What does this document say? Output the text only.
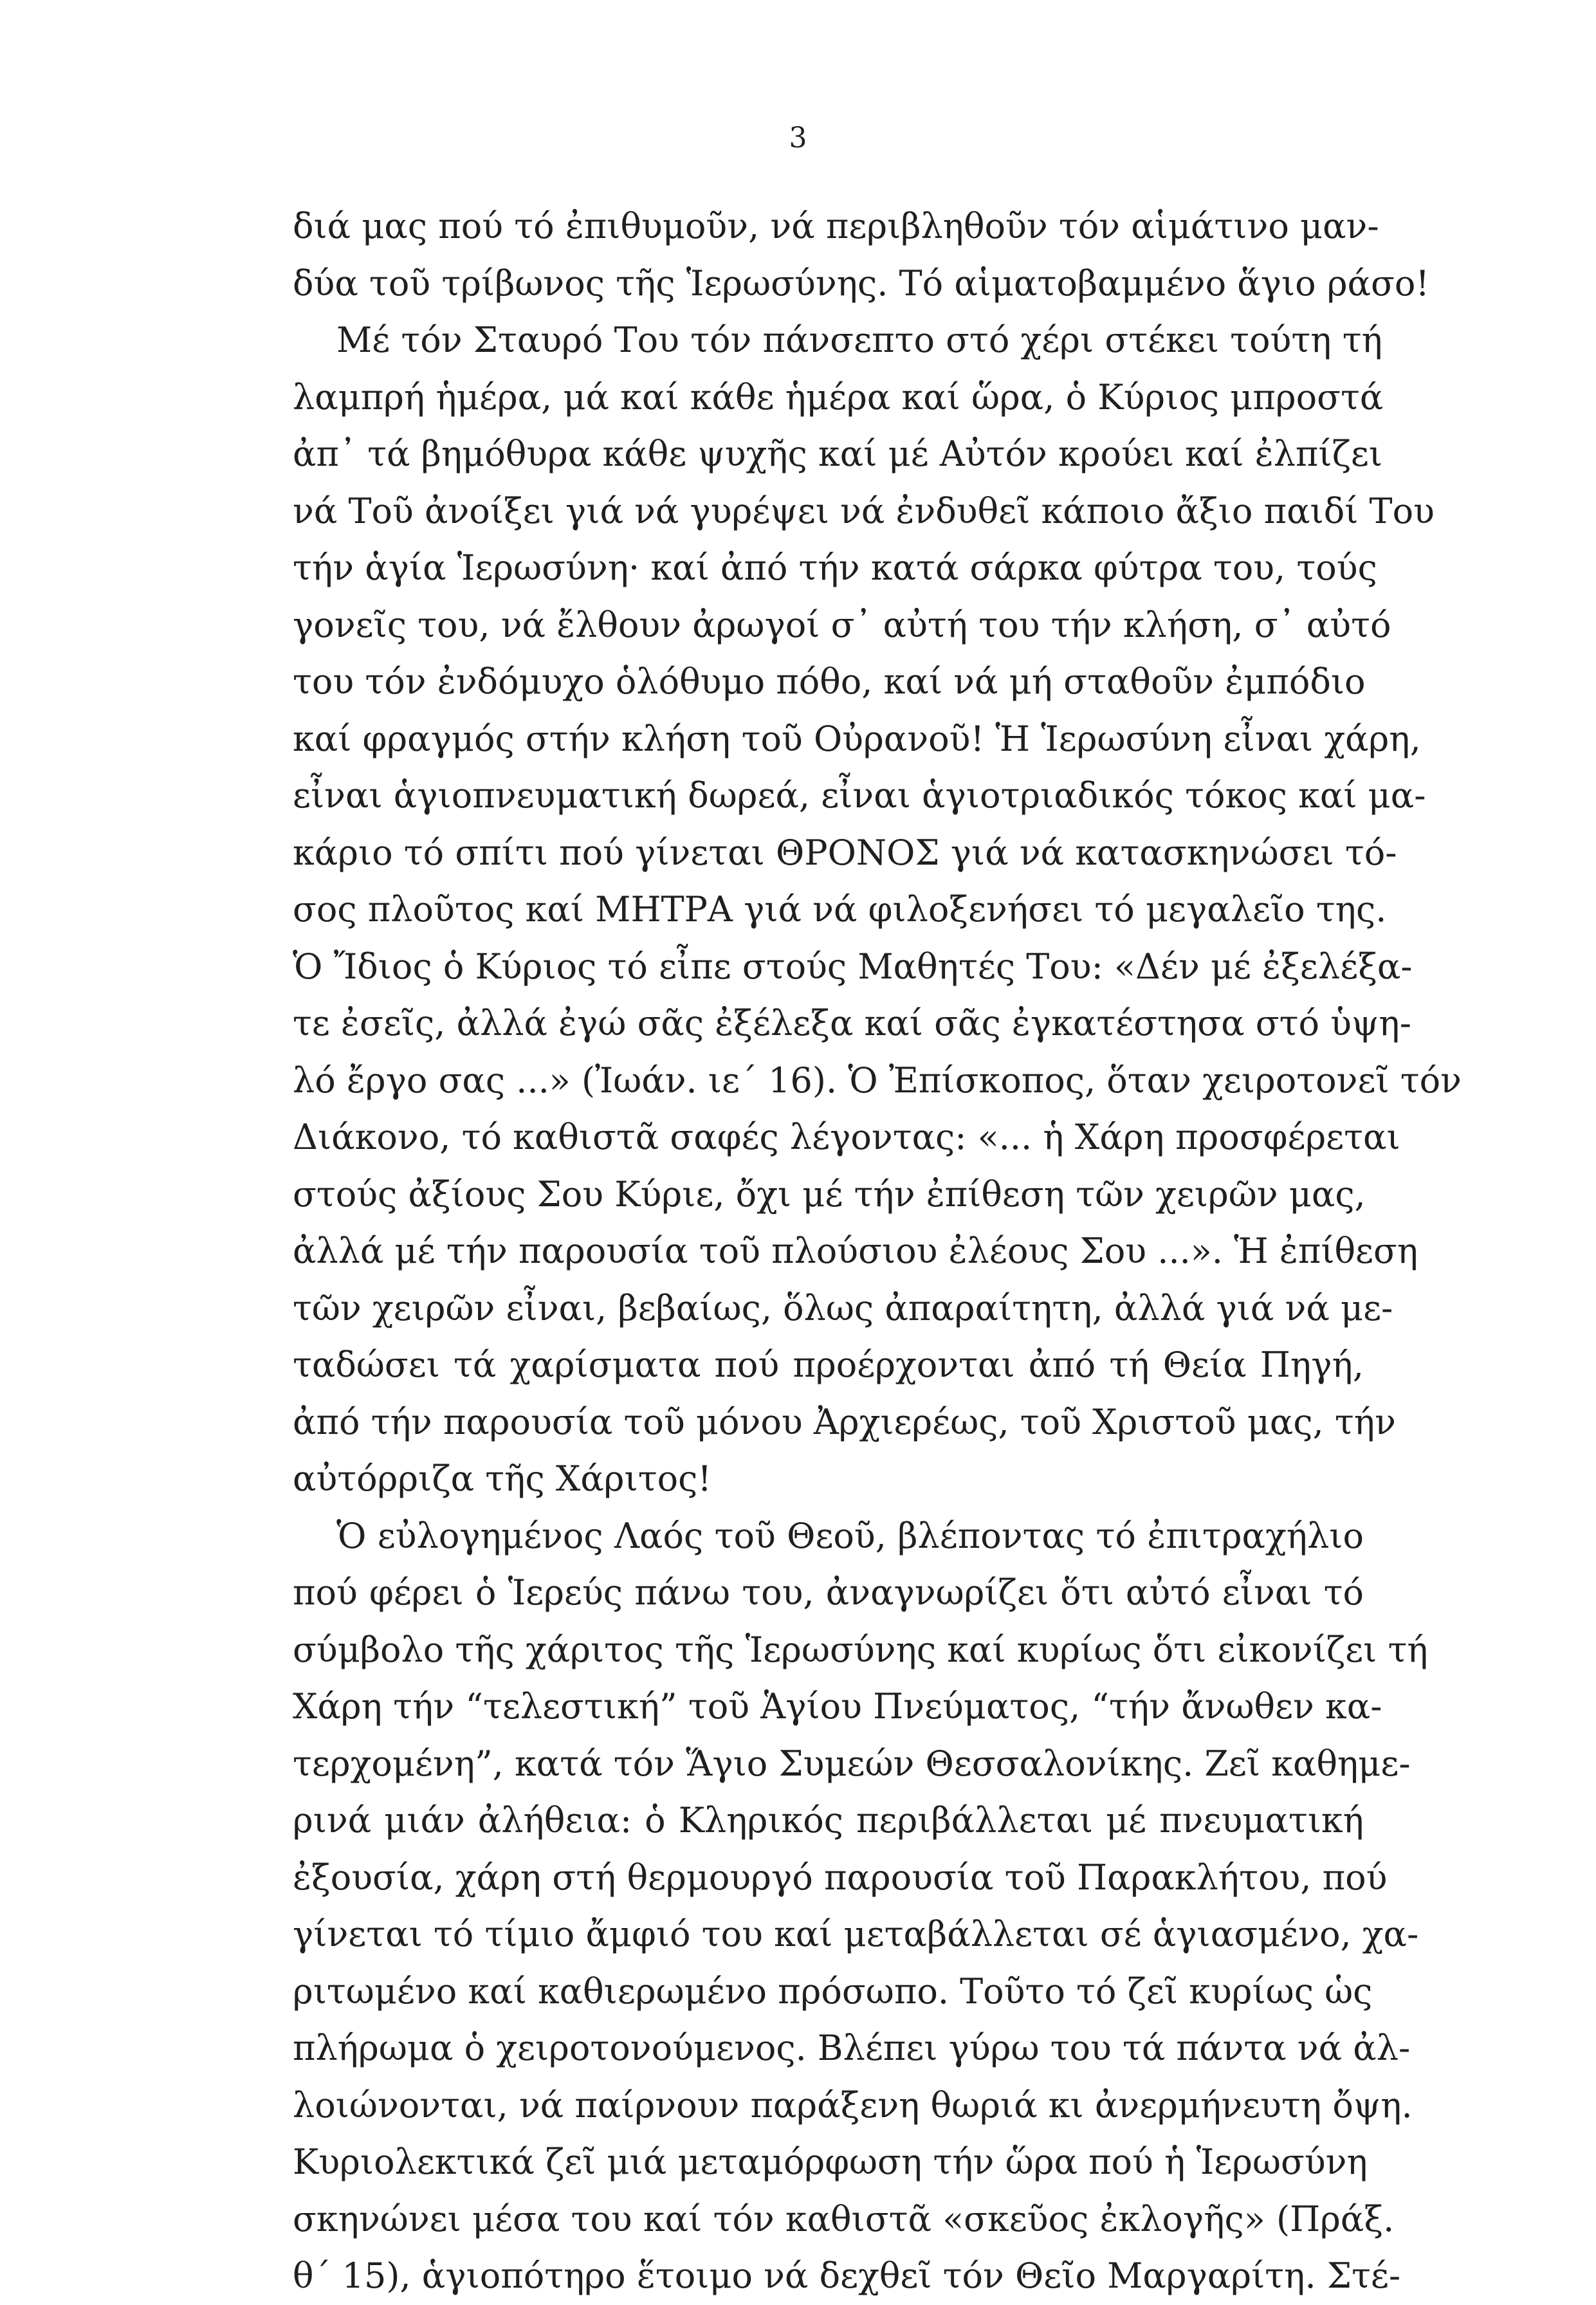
3
διά μας πού τό ἐπιθυμοῦν, νά περιβληθοῦν τόν αἱμάτινο μαν-
δύα τοῦ τρίβωνος τῆς Ἱερωσύνης. Τό αἱματοβαμμένο ἅγιο ράσο!
Μέ τόν Σταυρό Του τόν πάνσεπτο στό χέρι στέκει τούτη τή
λαμπρή ἡμέρα, μά καί κάθε ἡμέρα καί ὥρα, ὁ Κύριος μπροστά
ἀπ᾽ τά βημόθυρα κάθε ψυχῆς καί μέ Αὐτόν κρούει καί ἐλπίζει
νά Τοῦ ἀνοίξει γιά νά γυρέψει νά ἐνδυθεῖ κάποιο ἄξιο παιδί Του
τήν ἁγία Ἱερωσύνη· καί ἀπό τήν κατά σάρκα φύτρα του, τούς
γονεῖς του, νά ἔλθουν ἀρωγοί σ᾽ αὐτή του τήν κλήση, σ᾽ αὐτό
του τόν ἐνδόμυχο ὁλόθυμο πόθο, καί νά μή σταθοῦν ἐμπόδιο
καί φραγμός στήν κλήση τοῦ Οὐρανοῦ! Ἡ Ἱερωσύνη εἶναι χάρη,
εἶναι ἁγιοπνευματική δωρεά, εἶναι ἁγιοτριαδικός τόκος καί μα-
κάριο τό σπίτι πού γίνεται ΘΡΟΝΟΣ γιά νά κατασκηνώσει τό-
σος πλοῦτος καί ΜΗΤΡΑ γιά νά φιλοξενήσει τό μεγαλεῖο της.
Ὁ Ἴδιος ὁ Κύριος τό εἶπε στούς Μαθητές Του: «Δέν μέ ἐξελέξα-
τε ἐσεῖς, ἀλλά ἐγώ σᾶς ἐξέλεξα καί σᾶς ἐγκατέστησα στό ὑψη-
λό ἔργο σας ...» (Ἰωάν. ιε΄ 16). Ὁ Ἐπίσκοπος, ὅταν χειροτονεῖ τόν
Διάκονο, τό καθιστᾶ σαφές λέγοντας: «... ἡ Χάρη προσφέρεται
στούς ἀξίους Σου Κύριε, ὄχι μέ τήν ἐπίθεση τῶν χειρῶν μας,
ἀλλά μέ τήν παρουσία τοῦ πλούσιου ἐλέους Σου ...». Ἡ ἐπίθεση
τῶν χειρῶν εἶναι, βεβαίως, ὅλως ἀπαραίτητη, ἀλλά γιά νά με-
ταδώσει τά χαρίσματα πού προέρχονται ἀπό τή Θεία Πηγή,
ἀπό τήν παρουσία τοῦ μόνου Ἀρχιερέως, τοῦ Χριστοῦ μας, τήν
αὐτόρριζα τῆς Χάριτος!
Ὁ εὐλογημένος Λαός τοῦ Θεοῦ, βλέποντας τό ἐπιτραχήλιο
πού φέρει ὁ Ἱερεύς πάνω του, ἀναγνωρίζει ὅτι αὐτό εἶναι τό
σύμβολο τῆς χάριτος τῆς Ἱερωσύνης καί κυρίως ὅτι εἰκονίζει τή
Χάρη τήν “τελεστική” τοῦ Ἁγίου Πνεύματος, “τήν ἄνωθεν κα-
τερχομένη”, κατά τόν Ἅγιο Συμεών Θεσσαλονίκης. Ζεῖ καθημε-
ρινά μιάν ἀλήθεια: ὁ Κληρικός περιβάλλεται μέ πνευματική
ἐξουσία, χάρη στή θερμουργό παρουσία τοῦ Παρακλήτου, πού
γίνεται τό τίμιο ἄμφιό του καί μεταβάλλεται σέ ἁγιασμένο, χα-
ριτωμένο καί καθιερωμένο πρόσωπο. Τοῦτο τό ζεῖ κυρίως ὡς
πλήρωμα ὁ χειροτονούμενος. Βλέπει γύρω του τά πάντα νά ἀλ-
λοιώνονται, νά παίρνουν παράξενη θωριά κι ἀνερμήνευτη ὄψη.
Κυριολεκτικά ζεῖ μιά μεταμόρφωση τήν ὥρα πού ἡ Ἱερωσύνη
σκηνώνει μέσα του καί τόν καθιστᾶ «σκεῦος ἐκλογῆς» (Πράξ.
θ΄ 15), ἁγιοπότηρο ἕτοιμο νά δεχθεῖ τόν Θεῖο Μαργαρίτη. Στέ-
